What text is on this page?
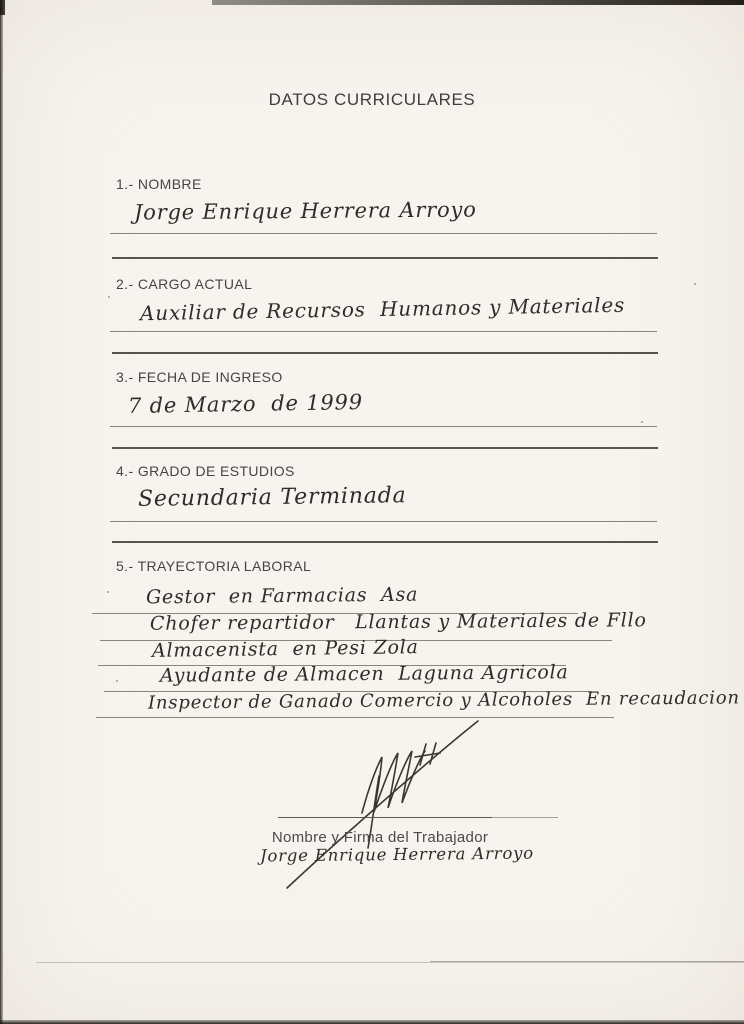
DATOS CURRICULARES
1.- NOMBRE
Jorge Enrique Herrera Arroyo
2.- CARGO ACTUAL
Auxiliar de Recursos  Humanos y Materiales
3.- FECHA DE INGRESO
7 de Marzo  de 1999
4.- GRADO DE ESTUDIOS
Secundaria Terminada
5.- TRAYECTORIA LABORAL
Gestor  en Farmacias  Asa
Chofer repartidor   Llantas y Materiales de Fllo
Almacenista  en Pesi Zola
Ayudante de Almacen  Laguna Agricola
Inspector de Ganado Comercio y Alcoholes  En recaudacion
Nombre y Firma del Trabajador
Jorge Enrique Herrera Arroyo
